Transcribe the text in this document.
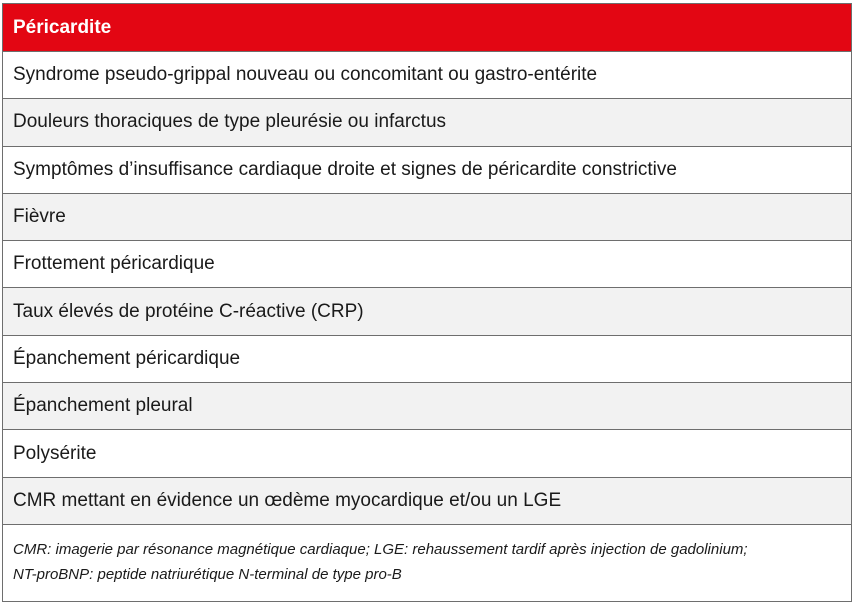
Péricardite
Syndrome pseudo-grippal nouveau ou concomitant ou gastro-entérite
Douleurs thoraciques de type pleurésie ou infarctus
Symptômes d’insuffisance cardiaque droite et signes de péricardite constrictive
Fièvre
Frottement péricardique
Taux élevés de protéine C-réactive (CRP)
Épanchement péricardique
Épanchement pleural
Polysérite
CMR mettant en évidence un œdème myocardique et/ou un LGE
CMR: imagerie par résonance magnétique cardiaque; LGE: rehaussement tardif après injection de gadolinium;
NT-proBNP: peptide natriurétique N-terminal de type pro-B
